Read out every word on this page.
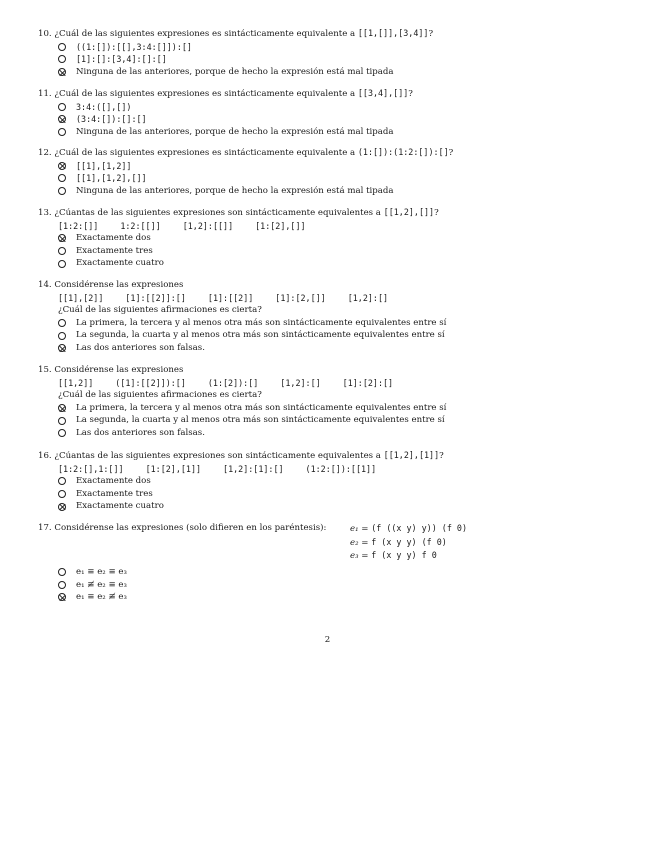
10. ¿Cuál de las siguientes expresiones es sintácticamente equivalente a [[1,[]],[3,4]]?
((1:[]):[[],3:4:[]]):[]
[1]:[]:[3,4]:[]:[]
Ninguna de las anteriores, porque de hecho la expresión está mal tipada
11. ¿Cuál de las siguientes expresiones es sintácticamente equivalente a [[3,4],[]]?
3:4:([],[])
(3:4:[]):[]:[]
Ninguna de las anteriores, porque de hecho la expresión está mal tipada
12. ¿Cuál de las siguientes expresiones es sintácticamente equivalente a (1:[]):(1:2:[]):[]?
[[1],[1,2]]
[[1],[1,2],[]]
Ninguna de las anteriores, porque de hecho la expresión está mal tipada
13. ¿Cúantas de las siguientes expresiones son sintácticamente equivalentes a [[1,2],[]]?
[1:2:[]]	1:2:[[]]	[1,2]:[[]]	[1:[2],[]]
Exactamente dos
Exactamente tres
Exactamente cuatro
14. Considérense las expresiones
[[1],[2]]	[1]:[[2]]:[]	[1]:[[2]]	[1]:[2,[]]	[1,2]:[]
¿Cuál de las siguientes afirmaciones es cierta?
La primera, la tercera y al menos otra más son sintácticamente equivalentes entre sí
La segunda, la cuarta y al menos otra más son sintácticamente equivalentes entre sí
Las dos anteriores son falsas.
15. Considérense las expresiones
[[1,2]]	([1]:[[2]]):[]	(1:[2]):[]	[1,2]:[]	[1]:[2]:[]
¿Cuál de las siguientes afirmaciones es cierta?
La primera, la tercera y al menos otra más son sintácticamente equivalentes entre sí
La segunda, la cuarta y al menos otra más son sintácticamente equivalentes entre sí
Las dos anteriores son falsas.
16. ¿Cúantas de las siguientes expresiones son sintácticamente equivalentes a [[1,2],[1]]?
[1:2:[],1:[]]	[1:[2],[1]]	[1,2]:[1]:[]	(1:2:[]):[[1]]
Exactamente dos
Exactamente tres
Exactamente cuatro
17. Considérense las expresiones (solo difieren en los paréntesis):	e₁ = (f ((x y) y)) (f 0)
e₂ = f (x y y) (f 0)
e₃ = f (x y y) f 0
e₁ ≡ e₂ ≡ e₃
e₁ ≢ e₂ ≡ e₃
e₁ ≡ e₂ ≢ e₃
2
